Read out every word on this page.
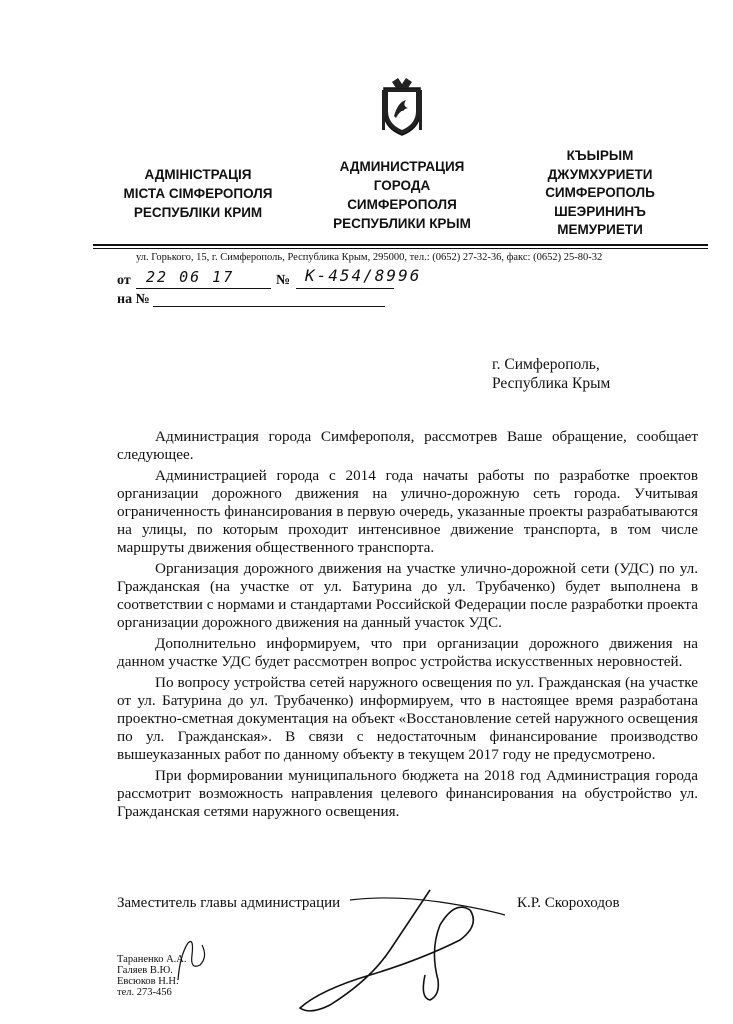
АДМІНІСТРАЦІЯ
МІСТА СІМФЕРОПОЛЯ
РЕСПУБЛІКИ КРИМ
АДМИНИСТРАЦИЯ
ГОРОДА
СИМФЕРОПОЛЯ
РЕСПУБЛИКИ КРЫМ
КЪЫРЫМ
ДЖУМХУРИЕТИ
СИМФЕРОПОЛЬ
ШЕЭРИНИНЪ
МЕМУРИЕТИ
ул. Горького, 15, г. Симферополь, Республика Крым, 295000, тел.: (0652) 27-32-36, факс: (0652) 25-80-32
от 22 06 17	№ К-454/8996
на №
г. Симферополь,
Республика Крым

Администрация города Симферополя, рассмотрев Ваше обращение, сообщает следующее.

Администрацией города с 2014 года начаты работы по разработке проектов организации дорожного движения на улично-дорожную сеть города. Учитывая ограниченность финансирования в первую очередь, указанные проекты разрабатываются на улицы, по которым проходит интенсивное движение транспорта, в том числе маршруты движения общественного транспорта.

Организация дорожного движения на участке улично-дорожной сети (УДС) по ул. Гражданская (на участке от ул. Батурина до ул. Трубаченко) будет выполнена в соответствии с нормами и стандартами Российской Федерации после разработки проекта организации дорожного движения на данный участок УДС.

Дополнительно информируем, что при организации дорожного движения на данном участке УДС будет рассмотрен вопрос устройства искусственных неровностей.

По вопросу устройства сетей наружного освещения по ул. Гражданская (на участке от ул. Батурина до ул. Трубаченко) информируем, что в настоящее время разработана проектно-сметная документация на объект «Восстановление сетей наружного освещения по ул. Гражданская». В связи с недостаточным финансирование производство вышеуказанных работ по данному объекту в текущем 2017 году не предусмотрено.

При формировании муниципального бюджета на 2018 год Администрация города рассмотрит возможность направления целевого финансирования на обустройство ул. Гражданская сетями наружного освещения.

Заместитель главы администрации	К.Р. Скороходов
Тараненко А.А.
Галяев В.Ю.
Евсюков Н.Н.
тел. 273-456
